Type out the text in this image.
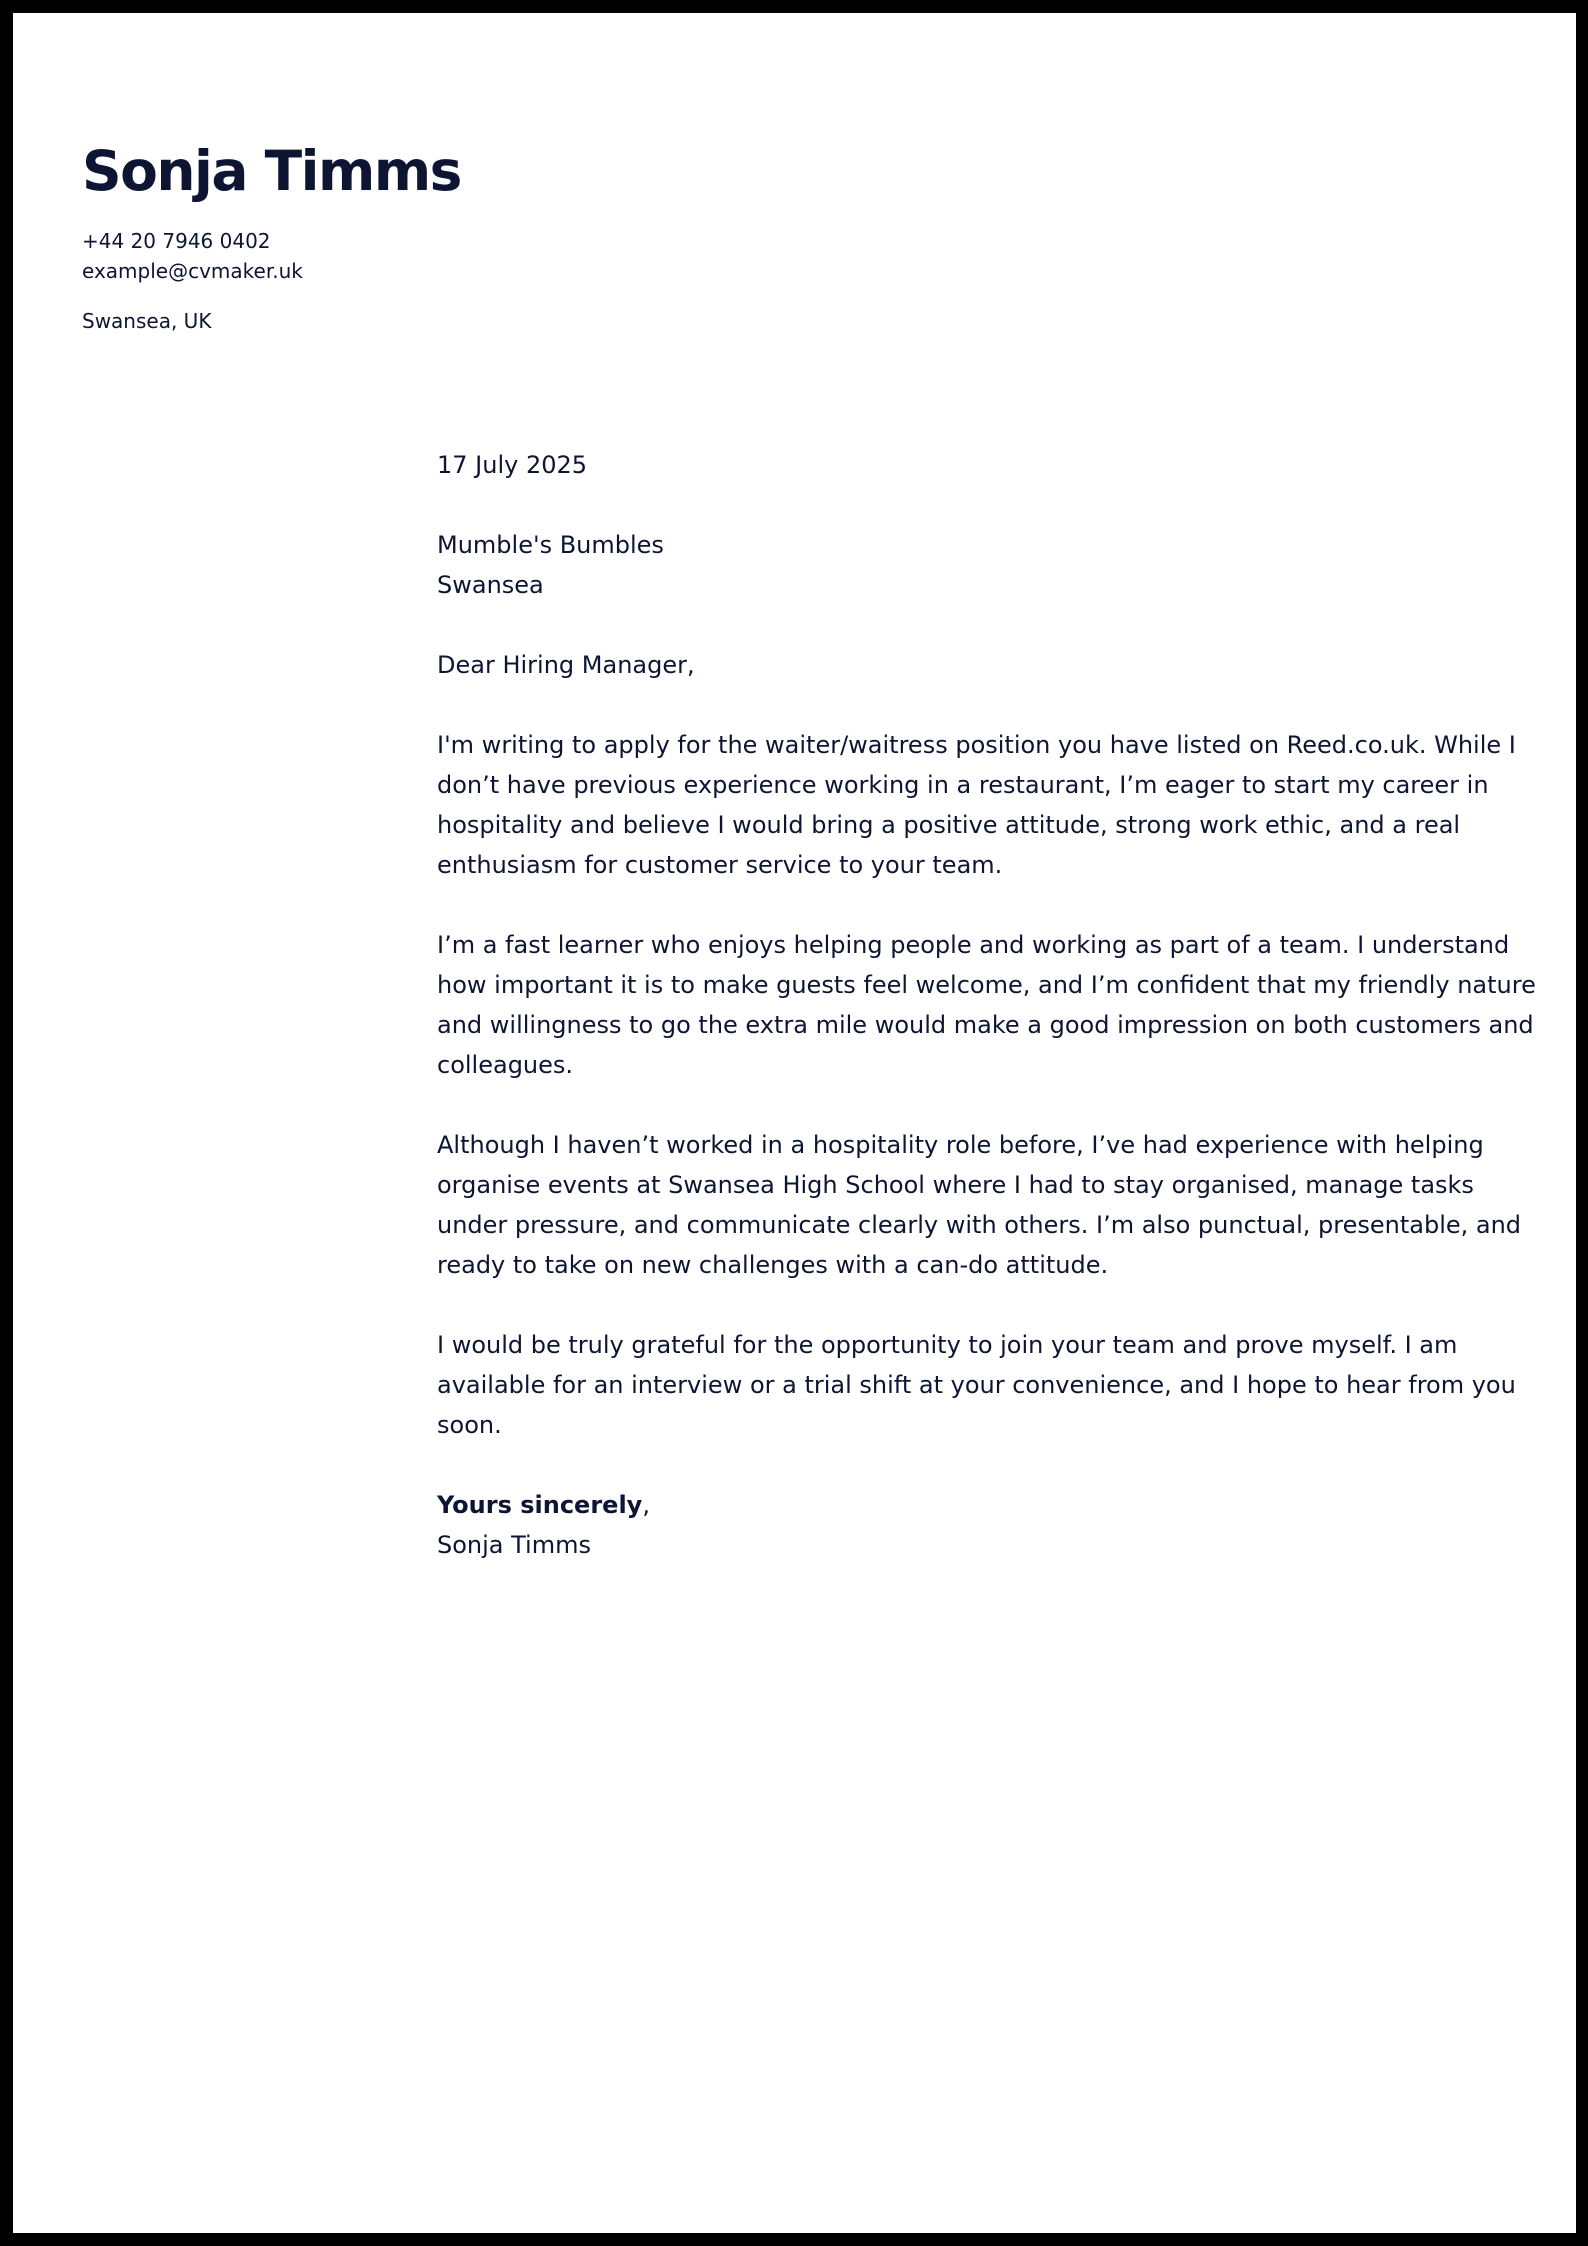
Sonja Timms
+44 20 7946 0402
example@cvmaker.uk
Swansea, UK
17 July 2025
Mumble's Bumbles
Swansea
Dear Hiring Manager,

I'm writing to apply for the waiter/waitress position you have listed on Reed.co.uk. While I don’t have previous experience working in a restaurant, I’m eager to start my career in hospitality and believe I would bring a positive attitude, strong work ethic, and a real enthusiasm for customer service to your team.

I’m a fast learner who enjoys helping people and working as part of a team. I understand how important it is to make guests feel welcome, and I’m confident that my friendly nature and willingness to go the extra mile would make a good impression on both customers and colleagues.

Although I haven’t worked in a hospitality role before, I’ve had experience with helping organise events at Swansea High School where I had to stay organised, manage tasks under pressure, and communicate clearly with others. I’m also punctual, presentable, and ready to take on new challenges with a can-do attitude.

I would be truly grateful for the opportunity to join your team and prove myself. I am available for an interview or a trial shift at your convenience, and I hope to hear from you soon.

Yours sincerely,
Sonja Timms
